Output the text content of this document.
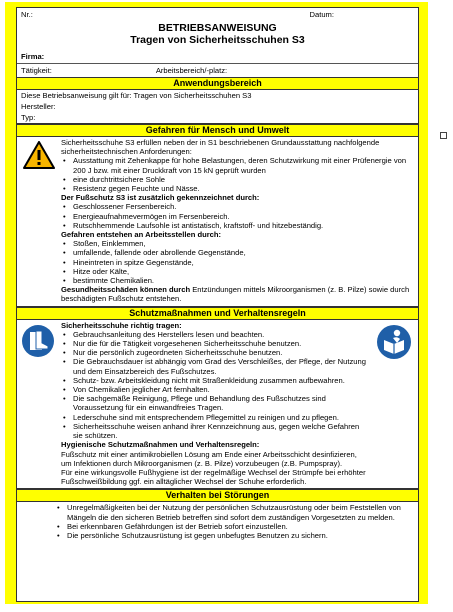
Nr.:	Datum:
BETRIEBSANWEISUNG
Tragen von Sicherheitsschuhen S3
Firma:
Tätigkeit:	Arbeitsbereich/-platz:
Anwendungsbereich
Diese Betriebsanweisung gilt für: Tragen von Sicherheitsschuhen S3
Hersteller:
Typ:
Gefahren für Mensch und Umwelt
Sicherheitsschuhe S3 erfüllen neben der in S1 beschriebenen Grundausstattung nachfolgende sicherheitstechnischen Anforderungen:
• Ausstattung mit Zehenkappe für hohe Belastungen, deren Schutzwirkung mit einer Prüfenergie von 200 J bzw. mit einer Druckkraft von 15 kN geprüft wurden
• eine durchtrittsichere Sohle
• Resistenz gegen Feuchte und Nässe.
Der Fußschutz S3 ist zusätzlich gekennzeichnet durch:
• Geschlossener Fersenbereich.
• Energieaufnahmevermögen im Fersenbereich.
• Rutschhemmende Laufsohle ist antistatisch, kraftstoff- und hitzebeständig.
Gefahren entstehen an Arbeitsstellen durch:
• Stoßen, Einklemmen,
• umfallende, fallende oder abrollende Gegenstände,
• Hineintreten in spitze Gegenstände,
• Hitze oder Kälte,
• bestimmte Chemikalien.
Gesundheitsschäden können durch Entzündungen mittels Mikroorganismen (z. B. Pilze) sowie durch beschädigten Fußschutz entstehen.
Schutzmaßnahmen und Verhaltensregeln
Sicherheitsschuhe richtig tragen:
• Gebrauchsanleitung des Herstellers lesen und beachten.
• Nur die für die Tätigkeit vorgesehenen Sicherheitsschuhe benutzen.
• Nur die persönlich zugeordneten Sicherheitsschuhe benutzen.
• Die Gebrauchsdauer ist abhängig vom Grad des Verschleißes, der Pflege, der Nutzung und dem Einsatzbereich des Fußschutzes.
• Schutz- bzw. Arbeitskleidung nicht mit Straßenkleidung zusammen aufbewahren.
• Von Chemikalien jeglicher Art fernhalten.
• Die sachgemäße Reinigung, Pflege und Behandlung des Fußschutzes sind Voraussetzung für ein einwandfreies Tragen.
• Lederschuhe sind mit entsprechendem Pflegemittel zu reinigen und zu pflegen.
• Sicherheitsschuhe weisen anhand ihrer Kennzeichnung aus, gegen welche Gefahren sie schützen.
Hygienische Schutzmaßnahmen und Verhaltensregeln:
Fußschutz mit einer antimikrobiellen Lösung am Ende einer Arbeitsschicht desinfizieren, um Infektionen durch Mikroorganismen (z. B. Pilze) vorzubeugen (z.B. Pumpspray).
Für eine wirkungsvolle Fußhygiene ist der regelmäßige Wechsel der Strümpfe bei erhöhter Fußschweißbildung ggf. ein alltäglicher Wechsel der Schuhe erforderlich.
Verhalten bei Störungen
• Unregelmäßigkeiten bei der Nutzung der persönlichen Schutzausrüstung oder beim Feststellen von Mängeln die den sicheren Betrieb betreffen sind sofort dem zuständigen Vorgesetzten zu melden.
• Bei erkennbaren Gefährdungen ist der Betrieb sofort einzustellen.
• Die persönliche Schutzausrüstung ist gegen unbefugtes Benutzen zu sichern.
